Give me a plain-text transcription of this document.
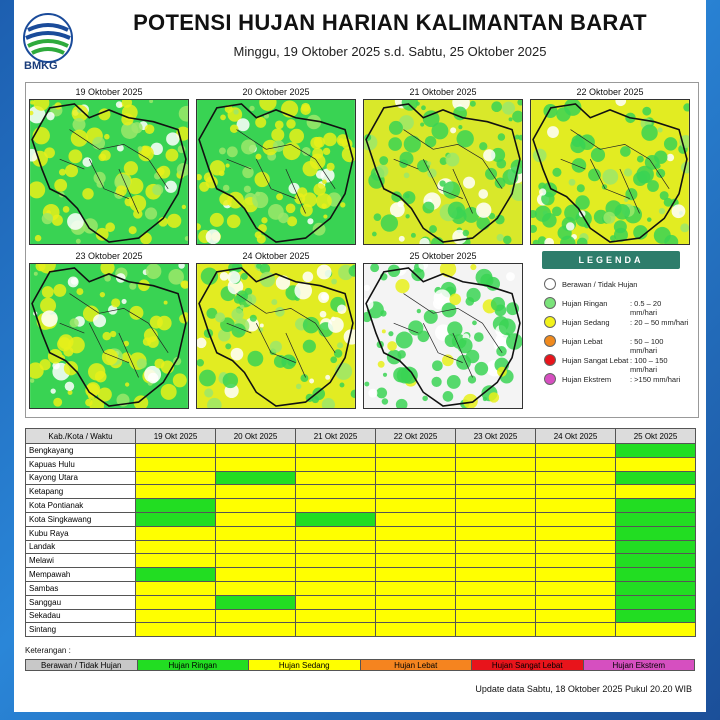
BMKG
POTENSI HUJAN HARIAN KALIMANTAN BARAT
Minggu, 19 Oktober 2025 s.d. Sabtu, 25 Oktober 2025
19 Oktober 2025	20 Oktober 2025	21 Oktober 2025	22 Oktober 2025
23 Oktober 2025	24 Oktober 2025	25 Oktober 2025	LEGENDA
Berawan / Tidak Hujan
Hujan Ringan	: 0.5 – 20 mm/hari
Hujan Sedang	: 20 – 50 mm/hari
Hujan Lebat	: 50 – 100 mm/hari
Hujan Sangat Lebat : 100 – 150 mm/hari
Hujan Ekstrem	: >150 mm/hari
Kab./Kota / Waktu	19 Okt 2025	20 Okt 2025	21 Okt 2025	22 Okt 2025	23 Okt 2025	24 Okt 2025	25 Okt 2025
Bengkayang							
Kapuas Hulu							
Kayong Utara							
Ketapang							
Kota Pontianak							
Kota Singkawang							
Kubu Raya							
Landak							
Melawi							
Mempawah							
Sambas							
Sanggau							
Sekadau							
Sintang							
Keterangan :
Berawan / Tidak Hujan	Hujan Ringan	Hujan Sedang	Hujan Lebat	Hujan Sangat Lebat	Hujan Ekstrem
Update data Sabtu, 18 Oktober 2025 Pukul 20.20 WIB
